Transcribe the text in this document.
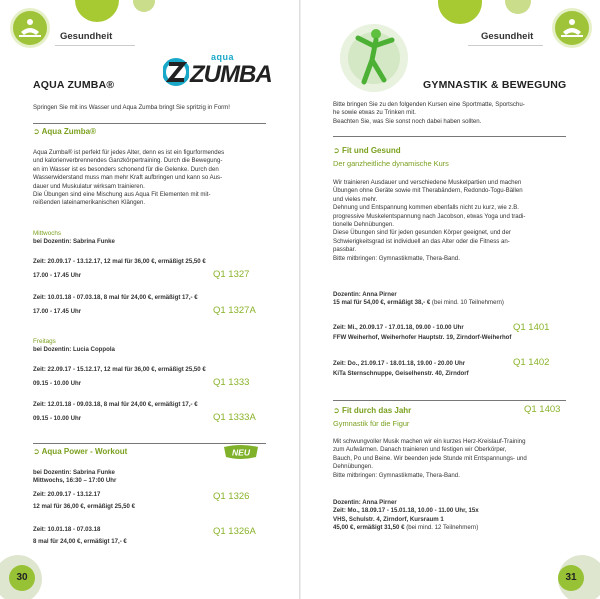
Gesundheit
AQUA ZUMBA®
aqua
ZUMBA
Springen Sie mit ins Wasser und Aqua Zumba bringt Sie spritzig in Form!
➲ Aqua Zumba®

Aqua Zumba® ist perfekt für jedes Alter, denn es ist ein figurformendes

und kalorienverbrennendes Ganzkörpertraining. Durch die Bewegung-

en im Wasser ist es besonders schonend für die Gelenke. Durch den

Wasserwiderstand muss man mehr Kraft aufbringen und kann so Aus-

dauer und Muskulatur wirksam trainieren.

Die Übungen sind eine Mischung aus Aqua Fit Elementen mit mit-

reißenden lateinamerikanischen Klängen.

Mittwochs
bei Dozentin: Sabrina Funke

Zeit: 20.09.17 - 13.12.17, 12 mal für 36,00 €, ermäßigt 25,50 €

17.00 - 17.45 Uhr	Q1 1327

Zeit: 10.01.18 - 07.03.18, 8 mal für 24,00 €, ermäßigt 17,- €

17.00 - 17.45 Uhr	Q1 1327A
Freitags
bei Dozentin: Lucia Coppola

Zeit: 22.09.17 - 15.12.17, 12 mal für 36,00 €, ermäßigt 25,50 €

09.15 - 10.00 Uhr	Q1 1333

Zeit: 12.01.18 - 09.03.18, 8 mal für 24,00 €, ermäßigt 17,- €

09.15 - 10.00 Uhr	Q1 1333A
➲ Aqua Power - Workout	NEU

bei Dozentin: Sabrina Funke

Mittwochs, 16:30 – 17:00 Uhr

Zeit: 20.09.17 - 13.12.17

12 mal für 36,00 €, ermäßigt 25,50 €

Q1 1326

Zeit: 10.01.18 - 07.03.18

8 mal für 24,00 €, ermäßigt 17,- €

Q1 1326A
30
Gesundheit
GYMNASTIK & BEWEGUNG

Bitte bringen Sie zu den folgenden Kursen eine Sportmatte, Sportschu-

he sowie etwas zu Trinken mit.

Beachten Sie, was Sie sonst noch dabei haben sollten.

➲ Fit und Gesund
Der ganzheitliche dynamische Kurs

Wir trainieren Ausdauer und verschiedene Muskelpartien und machen

Übungen ohne Geräte sowie mit Therabändern, Redondo-Togu-Bällen

und vieles mehr.

Dehnung und Entspannung kommen ebenfalls nicht zu kurz, wie z.B.

progressive Muskelentspannung nach Jacobson, etwas Yoga und tradi-

tionelle Dehnübungen.

Diese Übungen sind für jeden gesunden Körper geeignet, und der

Schwierigkeitsgrad ist individuell an das Alter oder die Fitness an-

passbar.

Bitte mitbringen: Gymnastikmatte, Thera-Band.

Dozentin: Anna Pirner

15 mal für 54,00 €, ermäßigt 38,- € (bei mind. 10 Teilnehmern)

Zeit: Mi., 20.09.17 - 17.01.18, 09.00 - 10.00 Uhr

FFW Weiherhof, Weiherhofer Hauptstr. 19, Zirndorf-Weiherhof

Q1 1401

Zeit: Do., 21.09.17 - 18.01.18, 19.00 - 20.00 Uhr

KiTa Sternschnuppe, Geiselhenstr. 40, Zirndorf

Q1 1402
➲ Fit durch das Jahr	Q1 1403
Gymnastik für die Figur

Mit schwungvoller Musik machen wir ein kurzes Herz-Kreislauf-Training

zum Aufwärmen. Danach trainieren und festigen wir Oberkörper,

Bauch, Po und Beine. Wir beenden jede Stunde mit Entspannungs- und

Dehnübungen.

Bitte mitbringen: Gymnastikmatte, Thera-Band.

Dozentin: Anna Pirner

Zeit: Mo., 18.09.17 - 15.01.18, 10.00 - 11.00 Uhr, 15x

VHS, Schulstr. 4, Zirndorf, Kursraum 1

45,00 €, ermäßigt 31,50 € (bei mind. 12 Teilnehmern)

31
